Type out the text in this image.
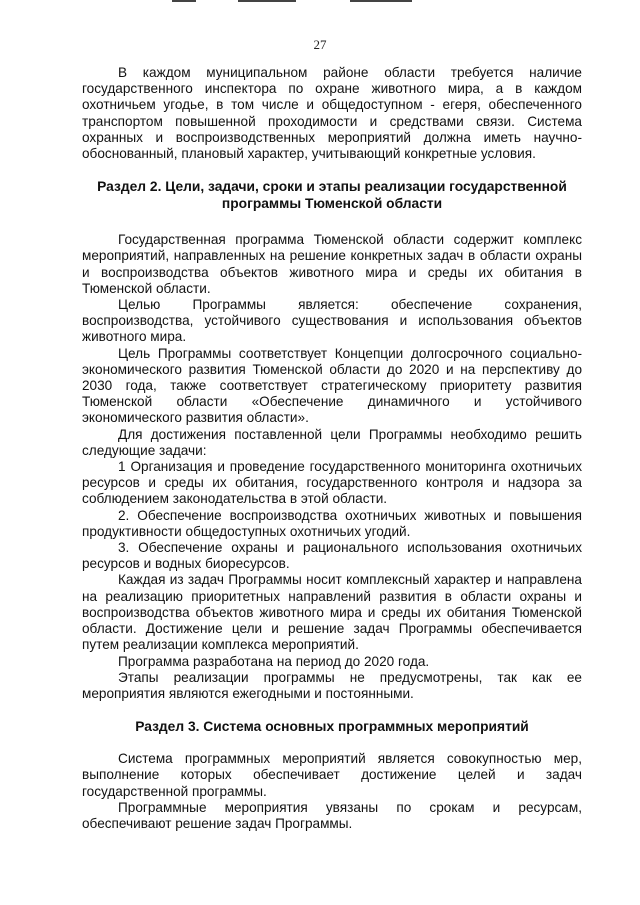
27

В каждом муниципальном районе области требуется наличие государственного инспектора по охране животного мира, а в каждом охотничьем угодье, в том числе и общедоступном - егеря, обеспеченного транспортом повышенной проходимости и средствами связи. Система охранных и воспроизводственных мероприятий должна иметь научно-обоснованный, плановый характер, учитывающий конкретные условия.

Раздел 2. Цели, задачи, сроки и этапы реализации государственной программы Тюменской области

Государственная программа Тюменской области содержит комплекс мероприятий, направленных на решение конкретных задач в области охраны и воспроизводства объектов животного мира и среды их обитания в Тюменской области.

Целью Программы является: обеспечение сохранения, воспроизводства, устойчивого существования и использования объектов животного мира.

Цель Программы соответствует Концепции долгосрочного социально-экономического развития Тюменской области до 2020 и на перспективу до 2030 года, также соответствует стратегическому приоритету развития Тюменской области «Обеспечение динамичного и устойчивого экономического развития области».

Для достижения поставленной цели Программы необходимо решить следующие задачи:

1 Организация и проведение государственного мониторинга охотничьих ресурсов и среды их обитания, государственного контроля и надзора за соблюдением законодательства в этой области.

2. Обеспечение воспроизводства охотничьих животных и повышения продуктивности общедоступных охотничьих угодий.

3. Обеспечение охраны и рационального использования охотничьих ресурсов и водных биоресурсов.

Каждая из задач Программы носит комплексный характер и направлена на реализацию приоритетных направлений развития в области охраны и воспроизводства объектов животного мира и среды их обитания Тюменской области. Достижение цели и решение задач Программы обеспечивается путем реализации комплекса мероприятий.

Программа разработана на период до 2020 года.

Этапы реализации программы не предусмотрены, так как ее мероприятия являются ежегодными и постоянными.

Раздел 3. Система основных программных мероприятий

Система программных мероприятий является совокупностью мер, выполнение которых обеспечивает достижение целей и задач государственной программы.

Программные мероприятия увязаны по срокам и ресурсам, обеспечивают решение задач Программы.
